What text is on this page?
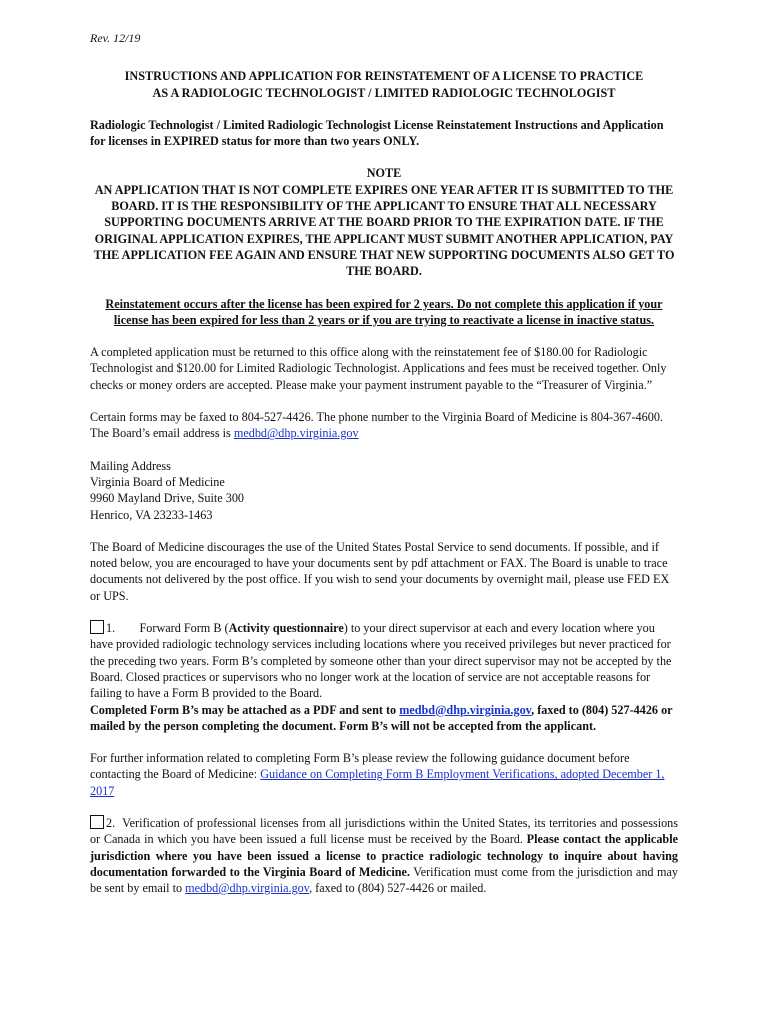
Rev. 12/19
INSTRUCTIONS AND APPLICATION FOR REINSTATEMENT OF A LICENSE TO PRACTICE
AS A RADIOLOGIC TECHNOLOGIST / LIMITED RADIOLOGIC TECHNOLOGIST
Radiologic Technologist / Limited Radiologic Technologist License Reinstatement Instructions and Application for licenses in EXPIRED status for more than two years ONLY.
NOTE
AN APPLICATION THAT IS NOT COMPLETE EXPIRES ONE YEAR AFTER IT IS SUBMITTED TO THE BOARD. IT IS THE RESPONSIBILITY OF THE APPLICANT TO ENSURE THAT ALL NECESSARY SUPPORTING DOCUMENTS ARRIVE AT THE BOARD PRIOR TO THE EXPIRATION DATE. IF THE ORIGINAL APPLICATION EXPIRES, THE APPLICANT MUST SUBMIT ANOTHER APPLICATION, PAY THE APPLICATION FEE AGAIN AND ENSURE THAT NEW SUPPORTING DOCUMENTS ALSO GET TO THE BOARD.
Reinstatement occurs after the license has been expired for 2 years. Do not complete this application if your license has been expired for less than 2 years or if you are trying to reactivate a license in inactive status.
A completed application must be returned to this office along with the reinstatement fee of $180.00 for Radiologic Technologist and $120.00 for Limited Radiologic Technologist. Applications and fees must be received together. Only checks or money orders are accepted. Please make your payment instrument payable to the “Treasurer of Virginia.”
Certain forms may be faxed to 804-527-4426. The phone number to the Virginia Board of Medicine is 804-367-4600. The Board’s email address is medbd@dhp.virginia.gov
Mailing Address
Virginia Board of Medicine
9960 Mayland Drive, Suite 300
Henrico, VA 23233-1463
The Board of Medicine discourages the use of the United States Postal Service to send documents. If possible, and if noted below, you are encouraged to have your documents sent by pdf attachment or FAX. The Board is unable to trace documents not delivered by the post office. If you wish to send your documents by overnight mail, please use FED EX or UPS.
1. Forward Form B (Activity questionnaire) to your direct supervisor at each and every location where you have provided radiologic technology services including locations where you received privileges but never practiced for the preceding two years. Form B’s completed by someone other than your direct supervisor may not be accepted by the Board. Closed practices or supervisors who no longer work at the location of service are not acceptable reasons for failing to have a Form B provided to the Board.
Completed Form B’s may be attached as a PDF and sent to medbd@dhp.virginia.gov, faxed to (804) 527-4426 or mailed by the person completing the document. Form B’s will not be accepted from the applicant.
For further information related to completing Form B’s please review the following guidance document before contacting the Board of Medicine: Guidance on Completing Form B Employment Verifications, adopted December 1, 2017
2. Verification of professional licenses from all jurisdictions within the United States, its territories and possessions or Canada in which you have been issued a full license must be received by the Board. Please contact the applicable jurisdiction where you have been issued a license to practice radiologic technology to inquire about having documentation forwarded to the Virginia Board of Medicine. Verification must come from the jurisdiction and may be sent by email to medbd@dhp.virginia.gov, faxed to (804) 527-4426 or mailed.
